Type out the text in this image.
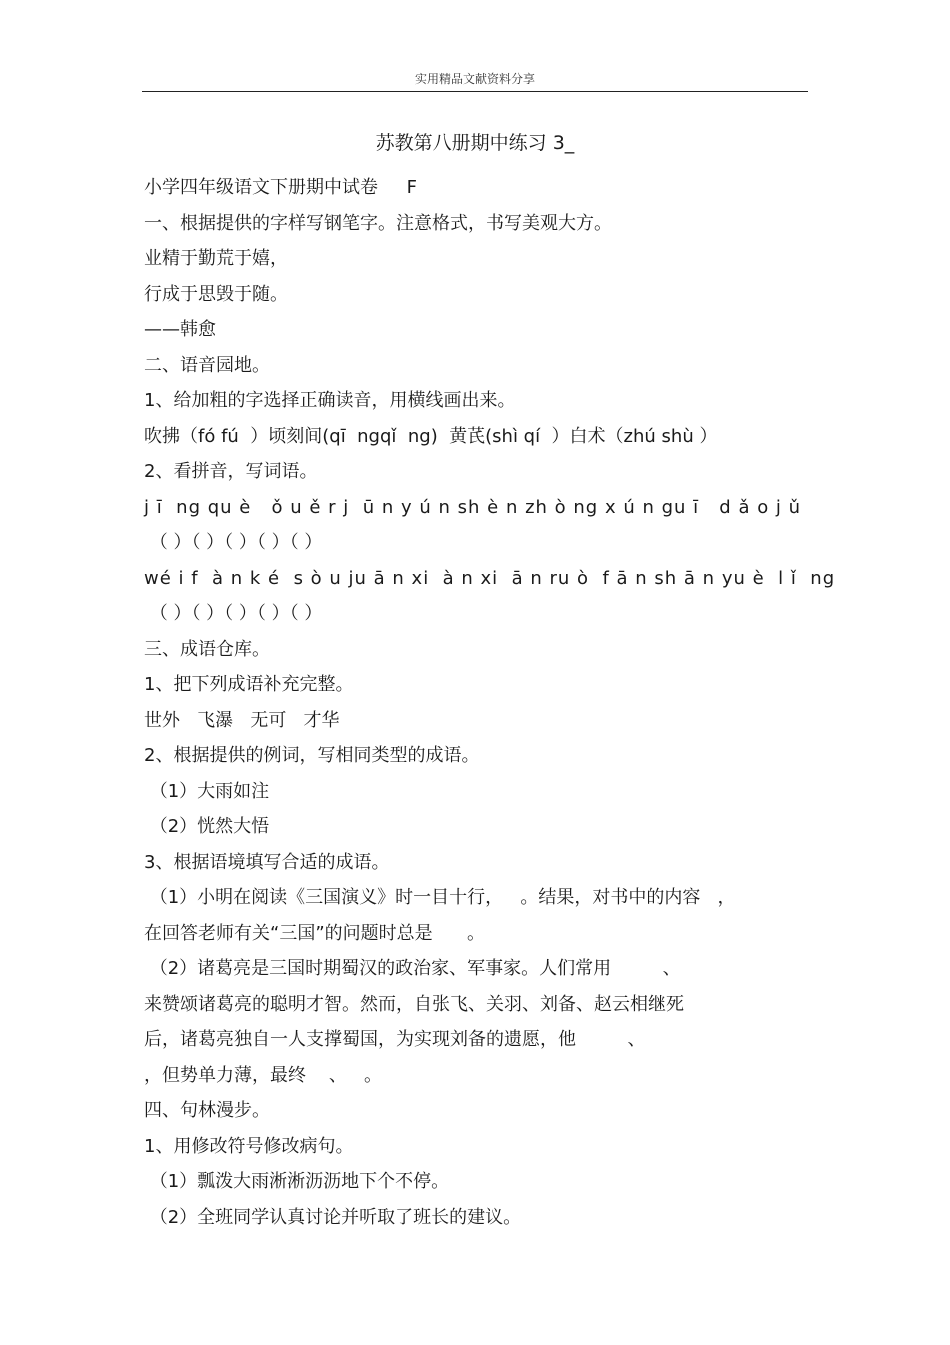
实用精品文献资料分享
苏教第八册期中练习 3_
小学四年级语文下册期中试卷     F
一、根据提供的字样写钢笔字。注意格式，书写美观大方。
业精于勤荒于嬉，
行成于思毁于随。
——韩愈
二、语音园地。
1、给加粗的字选择正确读音，用横线画出来。
吹拂（fó fú  ）顷刻间(qī  ngqǐ  ng)  黄芪(shì qí  ）白术（zhú shù ）
2、看拼音，写词语。
j ī  ng qu è   ǒ u ě r j  ū n y ú n sh è n zh ò ng x ú n gu ī   d ǎ o j ǔ
（ ）（ ）（ ）（ ）（ ）
wé i f  à n k é  s ò u ju ā n xi  à n xi  ā n ru ò  f ā n sh ā n yu è  l ǐ  ng
（ ）（ ）（ ）（ ）（ ）
三、成语仓库。
1、把下列成语补充完整。
世外   飞瀑   无可   才华
2、根据提供的例词，写相同类型的成语。
（1）大雨如注
（2）恍然大悟
3、根据语境填写合适的成语。
（1）小明在阅读《三国演义》时一目十行，   。结果，对书中的内容   ，
在回答老师有关“三国”的问题时总是      。
（2）诸葛亮是三国时期蜀汉的政治家、军事家。人们常用         、
来赞颂诸葛亮的聪明才智。然而，自张飞、关羽、刘备、赵云相继死
后，诸葛亮独自一人支撑蜀国，为实现刘备的遗愿，他         、
，但势单力薄，最终    、   。
四、句林漫步。
1、用修改符号修改病句。
（1）瓢泼大雨淅淅沥沥地下个不停。
（2）全班同学认真讨论并听取了班长的建议。
